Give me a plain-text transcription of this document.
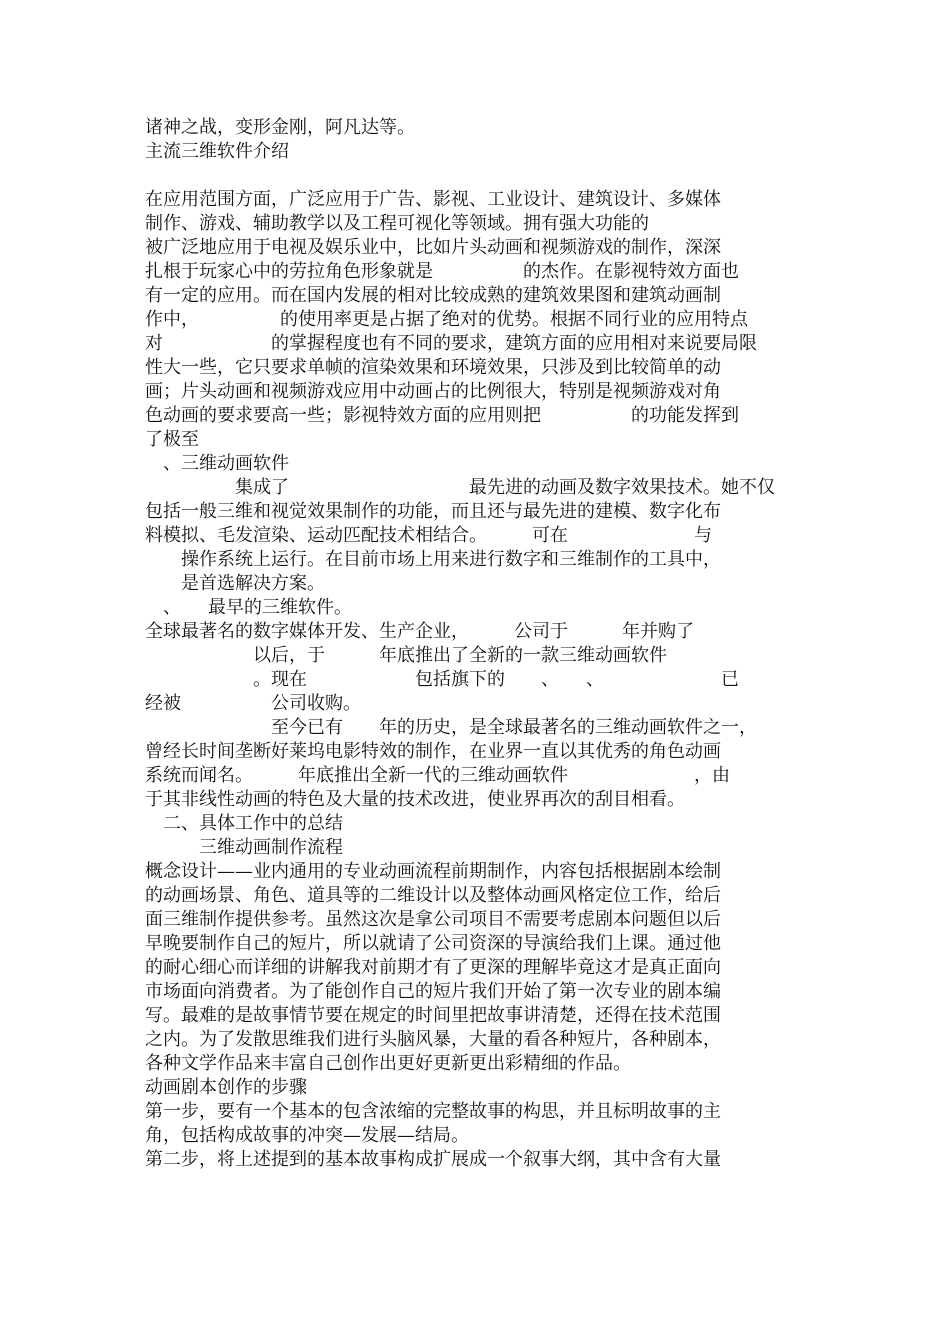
诸神之战，变形金刚，阿凡达等。
主流三维软件介绍
在应用范围方面，广泛应用于广告、影视、工业设计、建筑设计、多媒体
制作、游戏、辅助教学以及工程可视化等领域。拥有强大功能的
被广泛地应用于电视及娱乐业中，比如片头动画和视频游戏的制作，深深
扎根于玩家心中的劳拉角色形象就是　　　　　的杰作。在影视特效方面也
有一定的应用。而在国内发展的相对比较成熟的建筑效果图和建筑动画制
作中，　　　　　的使用率更是占据了绝对的优势。根据不同行业的应用特点
对　　　　　　的掌握程度也有不同的要求，建筑方面的应用相对来说要局限
性大一些，它只要求单帧的渲染效果和环境效果，只涉及到比较简单的动
画；片头动画和视频游戏应用中动画占的比例很大，特别是视频游戏对角
色动画的要求要高一些；影视特效方面的应用则把　　　　　的功能发挥到
了极至
　、三维动画软件
　　　　　集成了　　　　　　　　　　最先进的动画及数字效果技术。她不仅
包括一般三维和视觉效果制作的功能，而且还与最先进的建模、数字化布
料模拟、毛发渲染、运动匹配技术相结合。　　　可在　　　　　　　与
　　操作系统上运行。在目前市场上用来进行数字和三维制作的工具中，
　　是首选解决方案。
　、　　最早的三维软件。
全球最著名的数字媒体开发、生产企业，　　　公司于　　　年并购了
　　　　　　以后，于　　　年底推出了全新的一款三维动画软件
　　　　　　。现在　　　　　　包括旗下的　　、　　、　　　　　　　已
经被　　　　　公司收购。
　　　　　　　至今已有　　年的历史，是全球最著名的三维动画软件之一，
曾经长时间垄断好莱坞电影特效的制作，在业界一直以其优秀的角色动画
系统而闻名。　　　年底推出全新一代的三维动画软件　　　　　　　，由
于其非线性动画的特色及大量的技术改进，使业界再次的刮目相看。
　二、具体工作中的总结
　　　三维动画制作流程
概念设计——业内通用的专业动画流程前期制作，内容包括根据剧本绘制
的动画场景、角色、道具等的二维设计以及整体动画风格定位工作，给后
面三维制作提供参考。虽然这次是拿公司项目不需要考虑剧本问题但以后
早晚要制作自己的短片，所以就请了公司资深的导演给我们上课。通过他
的耐心细心而详细的讲解我对前期才有了更深的理解毕竟这才是真正面向
市场面向消费者。为了能创作自己的短片我们开始了第一次专业的剧本编
写。最难的是故事情节要在规定的时间里把故事讲清楚，还得在技术范围
之内。为了发散思维我们进行头脑风暴，大量的看各种短片，各种剧本，
各种文学作品来丰富自己创作出更好更新更出彩精细的作品。
动画剧本创作的步骤
第一步，要有一个基本的包含浓缩的完整故事的构思，并且标明故事的主
角，包括构成故事的冲突—发展—结局。
第二步，将上述提到的基本故事构成扩展成一个叙事大纲，其中含有大量
